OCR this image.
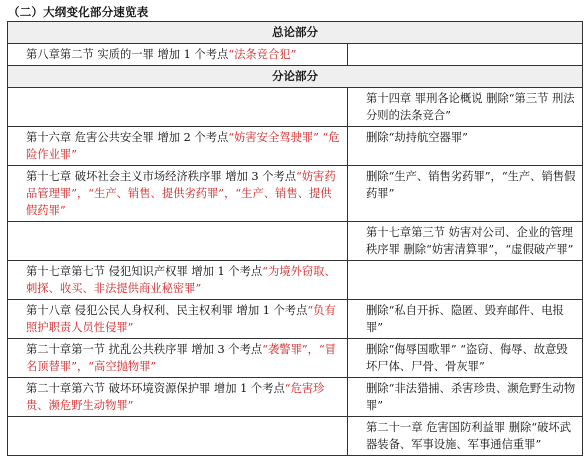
（二）大纲变化部分速览表
总论部分	
第八章第二节 实质的一罪 增加 1 个考点“法条竞合犯”	
分论部分	
	第十四章 罪刑各论概说 删除“第三节 刑法分则的法条竞合”
第十六章 危害公共安全罪 增加 2 个考点“妨害安全驾驶罪” “危险作业罪”	删除“劫持航空器罪”
第十七章 破坏社会主义市场经济秩序罪 增加 3 个考点“妨害药品管理罪”，“生产、销售、提供劣药罪”，“生产、销售、提供假药罪”	删除“生产、销售劣药罪”，“生产、销售假药罪”
	第十七章第三节 妨害对公司、企业的管理秩序罪 删除“妨害清算罪”，“虚假破产罪”
第十七章第七节 侵犯知识产权罪 增加 1 个考点“为境外窃取、刺探、收买、非法提供商业秘密罪”	
第十八章 侵犯公民人身权利、民主权利罪 增加 1 个考点“负有照护职责人员性侵罪”	删除“私自开拆、隐匿、毁弃邮件、电报罪”
第二十章第一节 扰乱公共秩序罪 增加 3 个考点“袭警罪”，“冒名顶替罪”，“高空抛物罪”	删除“侮辱国歌罪” “盗窃、侮辱、故意毁坏尸体、尸骨、骨灰罪”
第二十章第六节 破坏环境资源保护罪 增加 1 个考点“危害珍贵、濒危野生动物罪”	删除“非法猎捕、杀害珍贵、濒危野生动物罪”
	第二十一章 危害国防利益罪 删除“破坏武器装备、军事设施、军事通信重罪”
